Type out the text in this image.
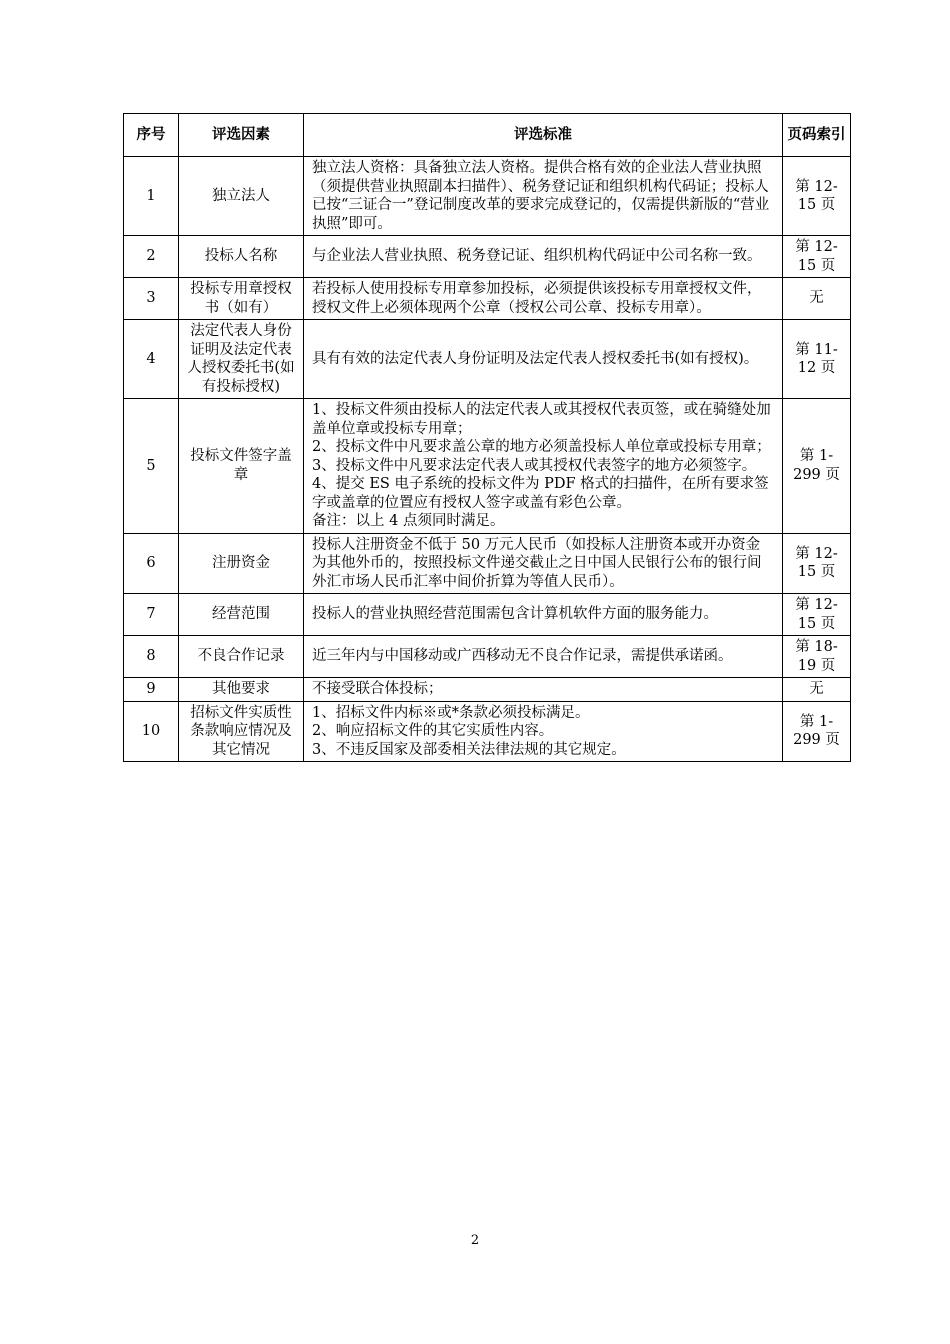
序号	评选因素	评选标准	页码索引
1	独立法人	独立法人资格：具备独立法人资格。提供合格有效的企业法人营业执照（须提供营业执照副本扫描件）、税务登记证和组织机构代码证；投标人已按“三证合一”登记制度改革的要求完成登记的，仅需提供新版的“营业执照”即可。	第 12-15 页
2	投标人名称	与企业法人营业执照、税务登记证、组织机构代码证中公司名称一致。	第 12-15 页
3	投标专用章授权书（如有）	若投标人使用投标专用章参加投标，必须提供该投标专用章授权文件，授权文件上必须体现两个公章（授权公司公章、投标专用章）。	无
4	法定代表人身份证明及法定代表人授权委托书(如有投标授权)	具有有效的法定代表人身份证明及法定代表人授权委托书(如有授权)。	第 11-12 页
5	投标文件签字盖章	1、投标文件须由投标人的法定代表人或其授权代表页签，或在骑缝处加盖单位章或投标专用章；
2、投标文件中凡要求盖公章的地方必须盖投标人单位章或投标专用章；
3、投标文件中凡要求法定代表人或其授权代表签字的地方必须签字。
4、提交 ES 电子系统的投标文件为 PDF 格式的扫描件，在所有要求签字或盖章的位置应有授权人签字或盖有彩色公章。
备注：以上 4 点须同时满足。	第 1-299 页
6	注册资金	投标人注册资金不低于 50 万元人民币（如投标人注册资本或开办资金为其他外币的，按照投标文件递交截止之日中国人民银行公布的银行间外汇市场人民币汇率中间价折算为等值人民币）。	第 12-15 页
7	经营范围	投标人的营业执照经营范围需包含计算机软件方面的服务能力。	第 12-15 页
8	不良合作记录	近三年内与中国移动或广西移动无不良合作记录，需提供承诺函。	第 18-19 页
9	其他要求	不接受联合体投标；	无
10	招标文件实质性条款响应情况及其它情况	1、招标文件内标※或*条款必须投标满足。
2、响应招标文件的其它实质性内容。
3、不违反国家及部委相关法律法规的其它规定。	第 1-299 页
2
